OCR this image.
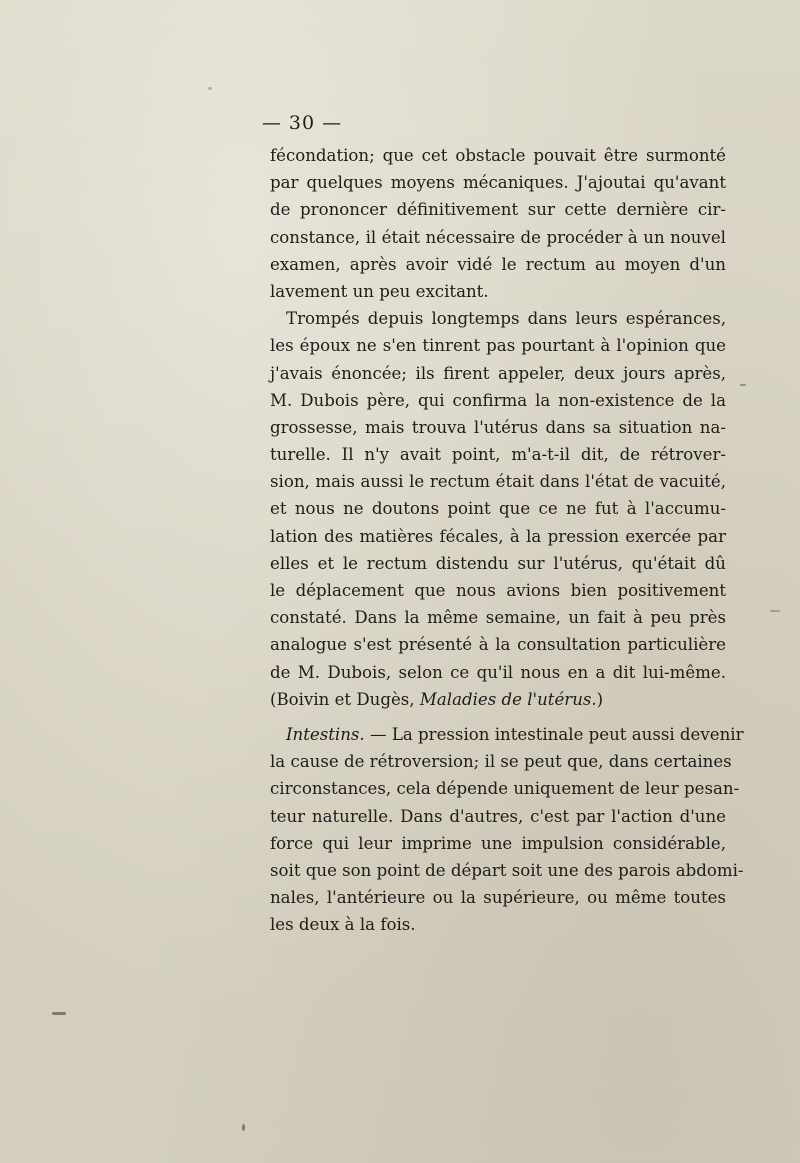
— 30 —
fécondation; que cet obstacle pouvait être surmonté
par quelques moyens mécaniques. J'ajoutai qu'avant
de prononcer définitivement sur cette dernière cir-
constance, il était nécessaire de procéder à un nouvel
examen, après avoir vidé le rectum au moyen d'un
lavement un peu excitant.
Trompés depuis longtemps dans leurs espérances,
les époux ne s'en tinrent pas pourtant à l'opinion que
j'avais énoncée; ils firent appeler, deux jours après,
M. Dubois père, qui confirma la non-existence de la
grossesse, mais trouva l'utérus dans sa situation na-
turelle. Il n'y avait point, m'a-t-il dit, de rétrover-
sion, mais aussi le rectum était dans l'état de vacuité,
et nous ne doutons point que ce ne fut à l'accumu-
lation des matières fécales, à la pression exercée par
elles et le rectum distendu sur l'utérus, qu'était dû
le déplacement que nous avions bien positivement
constaté. Dans la même semaine, un fait à peu près
analogue s'est présenté à la consultation particulière
de M. Dubois, selon ce qu'il nous en a dit lui-même.
(Boivin et Dugès, Maladies de l'utérus.)
Intestins. — La pression intestinale peut aussi devenir
la cause de rétroversion; il se peut que, dans certaines
circonstances, cela dépende uniquement de leur pesan-
teur naturelle. Dans d'autres, c'est par l'action d'une
force qui leur imprime une impulsion considérable,
soit que son point de départ soit une des parois abdomi-
nales, l'antérieure ou la supérieure, ou même toutes
les deux à la fois.
